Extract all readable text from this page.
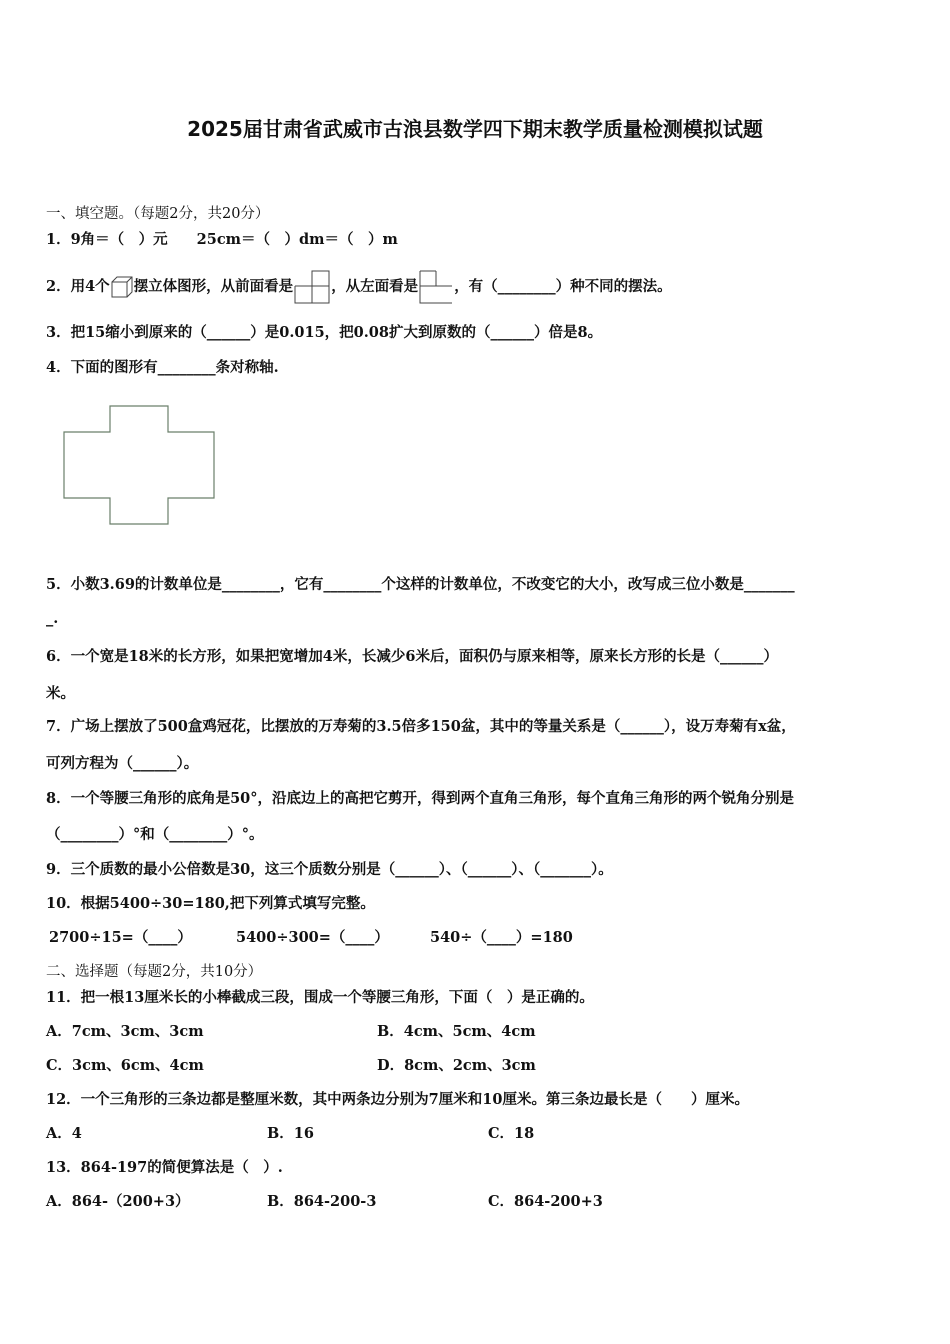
2025届甘肃省武威市古浪县数学四下期末教学质量检测模拟试题
一、填空题。（每题2分，共20分）
1．9角＝（　）元　　25cm＝（　）dm＝（　）m
2．用4个 摆立体图形，从前面看是	，从左面看是 ，有（________）种不同的摆法。
3．把15缩小到原来的（______）是0.015，把0.08扩大到原数的（______）倍是8。
4．下面的图形有________条对称轴.
5．小数3.69的计数单位是________，它有________个这样的计数单位，不改变它的大小，改写成三位小数是_______
_.
6．一个宽是18米的长方形，如果把宽增加4米，长减少6米后，面积仍与原来相等，原来长方形的长是（______）
米。
7．广场上摆放了500盒鸡冠花，比摆放的万寿菊的3.5倍多150盆，其中的等量关系是（______），设万寿菊有x盆，
可列方程为（______）。
8．一个等腰三角形的底角是50°，沿底边上的高把它剪开，得到两个直角三角形，每个直角三角形的两个锐角分别是
（________）°和（________）°。
9．三个质数的最小公倍数是30，这三个质数分别是（______）、（______）、（_______）。
10．根据5400÷30=180,把下列算式填写完整。
2700÷15=（____）	5400÷300=（____）	540÷（____）=180
二、选择题（每题2分，共10分）
11．把一根13厘米长的小棒截成三段，围成一个等腰三角形，下面（　）是正确的。
A．7cm、3cm、3cm	B．4cm、5cm、4cm
C．3cm、6cm、4cm	D．8cm、2cm、3cm
12．一个三角形的三条边都是整厘米数，其中两条边分别为7厘米和10厘米。第三条边最长是（　　）厘米。
A．4	B．16	C．18
13．864-197的简便算法是（　）.
A．864-（200+3）	B．864-200-3	C．864-200+3
